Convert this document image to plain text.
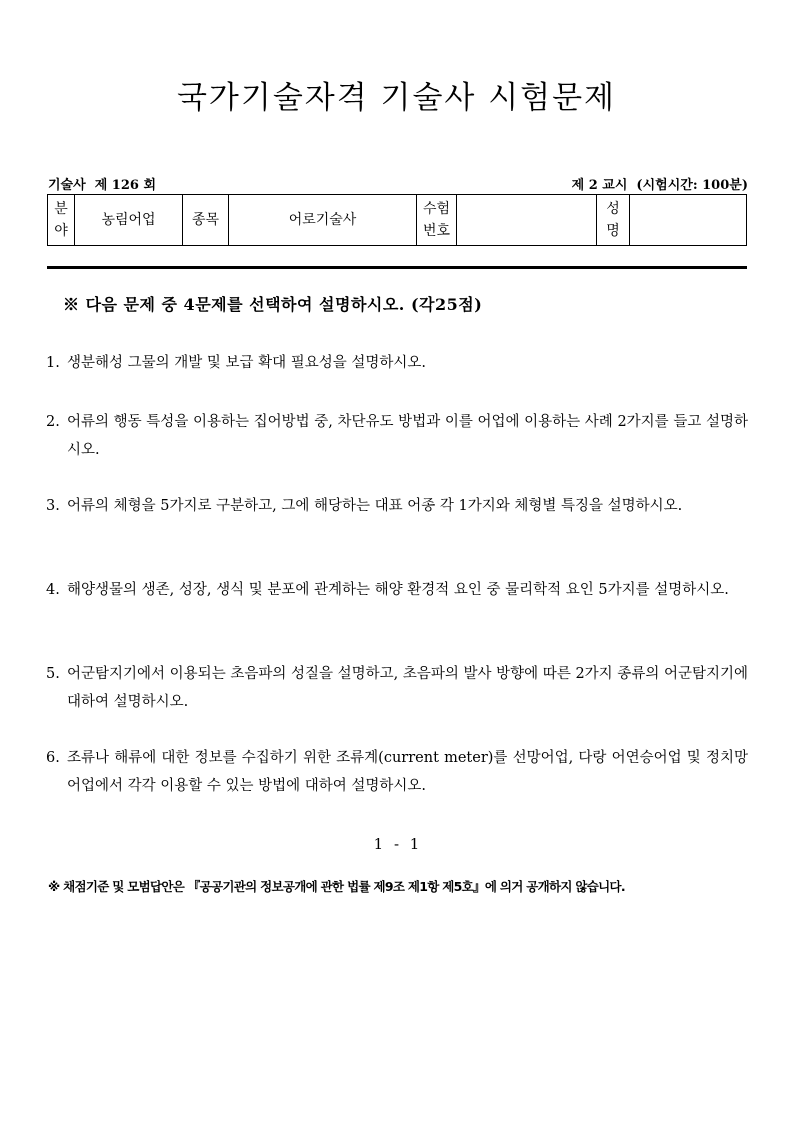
국가기술자격 기술사 시험문제
기술사  제 126 회	제 2 교시  (시험시간: 100분)
분야	농림어업	종목	어로기술사	수험번호		성명	
※ 다음 문제 중 4문제를 선택하여 설명하시오. (각25점)
1. 생분해성 그물의 개발 및 보급 확대 필요성을 설명하시오.
2. 어류의 행동 특성을 이용하는 집어방법 중, 차단유도 방법과 이를 어업에 이용하는 사례 2가지를 들고 설명하시오.
3. 어류의 체형을 5가지로 구분하고, 그에 해당하는 대표 어종 각 1가지와 체형별 특징을 설명하시오.
4. 해양생물의 생존, 성장, 생식 및 분포에 관계하는 해양 환경적 요인 중 물리학적 요인 5가지를 설명하시오.
5. 어군탐지기에서 이용되는 초음파의 성질을 설명하고, 초음파의 발사 방향에 따른 2가지 종류의 어군탐지기에 대하여 설명하시오.
6. 조류나 해류에 대한 정보를 수집하기 위한 조류계(current meter)를 선망어업, 다랑 어연승어업 및 정치망어업에서 각각 이용할 수 있는 방법에 대하여 설명하시오.
1 - 1
※ 채점기준 및 모범답안은 『공공기관의 정보공개에 관한 법률 제9조 제1항 제5호』에 의거 공개하지 않습니다.
